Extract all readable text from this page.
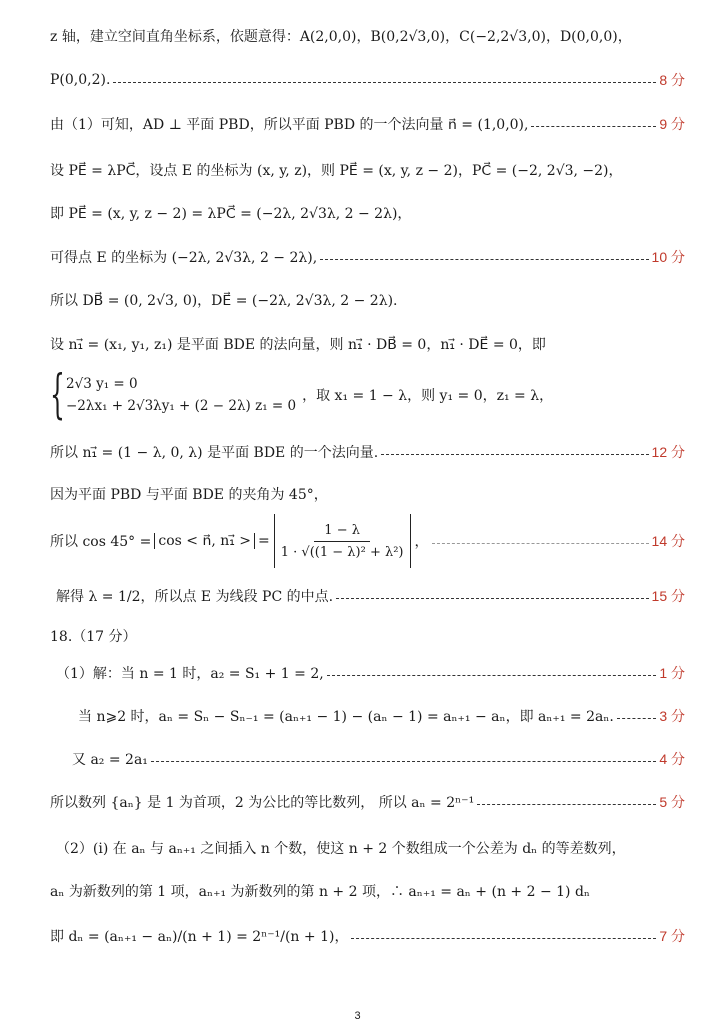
z 轴，建立空间直角坐标系，依题意得：A(2,0,0)，B(0,2√3,0)，C(−2,2√3,0)，D(0,0,0)，
P(0,0,2).	8 分
由（1）可知，AD ⊥ 平面 PBD，所以平面 PBD 的一个法向量 n⃗ = (1,0,0),	9 分
设 PE⃗ = λPC⃗，设点 E 的坐标为 (x, y, z)，则 PE⃗ = (x, y, z − 2)，PC⃗ = (−2, 2√3, −2)，
即 PE⃗ = (x, y, z − 2) = λPC⃗ = (−2λ, 2√3λ, 2 − 2λ)，
可得点 E 的坐标为 (−2λ, 2√3λ, 2 − 2λ),	10 分
所以 DB⃗ = (0, 2√3, 0)，DE⃗ = (−2λ, 2√3λ, 2 − 2λ).
设 n₁⃗ = (x₁, y₁, z₁) 是平面 BDE 的法向量，则 n₁⃗ · DB⃗ = 0，n₁⃗ · DE⃗ = 0，即
{ 2√3 y₁ = 0
−2λx₁ + 2√3λy₁ + (2 − 2λ) z₁ = 0
，取 x₁ = 1 − λ，则 y₁ = 0，z₁ = λ，
所以 n₁⃗ = (1 − λ, 0, λ) 是平面 BDE 的一个法向量.	12 分
因为平面 PBD 与平面 BDE 的夹角为 45°，
所以 cos 45° = cos < n⃗, n₁⃗ > = $\frac{1 - \lambda}{\text{1 · √((1 − λ)² + λ²)}}$ ，	14 分
解得 λ = 1/2，所以点 E 为线段 PC 的中点.	15 分
18.（17 分）
（1）解：当 n = 1 时，a₂ = S₁ + 1 = 2,	1 分
当 n⩾2 时，aₙ = Sₙ − Sₙ₋₁ = (aₙ₊₁ − 1) − (aₙ − 1) = aₙ₊₁ − aₙ，即 aₙ₊₁ = 2aₙ.	3 分
又 a₂ = 2a₁	4 分
所以数列 {aₙ} 是 1 为首项，2 为公比的等比数列， 所以 aₙ = 2ⁿ⁻¹	5 分
（2）(i) 在 aₙ 与 aₙ₊₁ 之间插入 n 个数，使这 n + 2 个数组成一个公差为 dₙ 的等差数列，
aₙ 为新数列的第 1 项，aₙ₊₁ 为新数列的第 n + 2 项，∴ aₙ₊₁ = aₙ + (n + 2 − 1) dₙ
即 dₙ = (aₙ₊₁ − aₙ)/(n + 1) = 2ⁿ⁻¹/(n + 1)，	7 分
3
